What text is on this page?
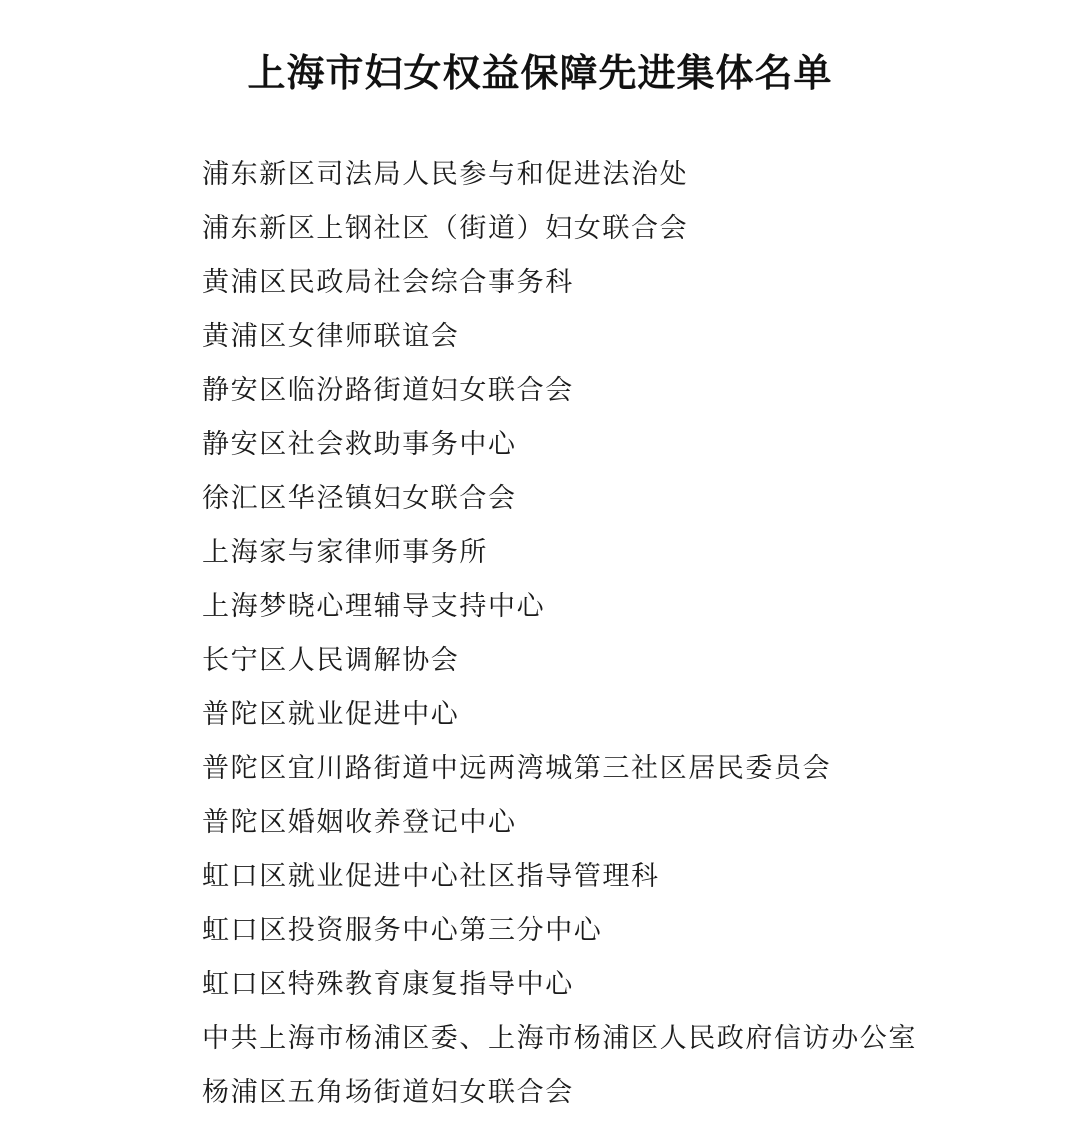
上海市妇女权益保障先进集体名单
浦东新区司法局人民参与和促进法治处
浦东新区上钢社区（街道）妇女联合会
黄浦区民政局社会综合事务科
黄浦区女律师联谊会
静安区临汾路街道妇女联合会
静安区社会救助事务中心
徐汇区华泾镇妇女联合会
上海家与家律师事务所
上海梦晓心理辅导支持中心
长宁区人民调解协会
普陀区就业促进中心
普陀区宜川路街道中远两湾城第三社区居民委员会
普陀区婚姻收养登记中心
虹口区就业促进中心社区指导管理科
虹口区投资服务中心第三分中心
虹口区特殊教育康复指导中心
中共上海市杨浦区委、上海市杨浦区人民政府信访办公室
杨浦区五角场街道妇女联合会
